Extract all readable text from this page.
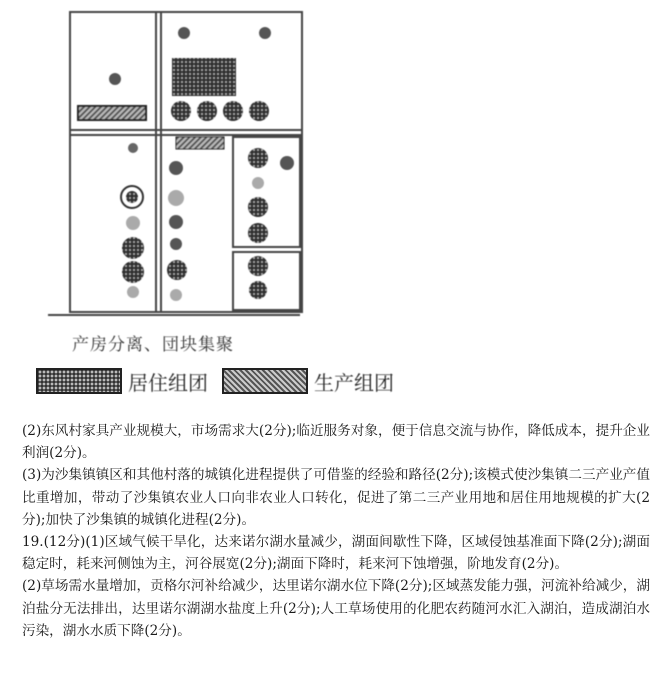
产房分离、団块集聚
居住组团	生产组团

(2)东风村家具产业规模大，市场需求大(2分);临近服务对象，便于信息交流与协作，降低成本，提升企业利润(2分)。

(3)为沙集镇镇区和其他村落的城镇化进程提供了可借鉴的经验和路径(2分);该模式使沙集镇二三产业产值比重增加，带动了沙集镇农业人口向非农业人口转化，促进了第二三产业用地和居住用地规模的扩大(2分);加快了沙集镇的城镇化进程(2分)。

19.(12分)(1)区域气候干旱化，达来诺尔湖水量减少，湖面间歇性下降，区域侵蚀基准面下降(2分);湖面稳定时，耗来河侧蚀为主，河谷展宽(2分);湖面下降时，耗来河下蚀增强，阶地发育(2分)。

(2)草场需水量增加，贡格尔河补给减少，达里诺尔湖水位下降(2分);区域蒸发能力强，河流补给减少，湖泊盐分无法排出，达里诺尔湖湖水盐度上升(2分);人工草场使用的化肥农药随河水汇入湖泊，造成湖泊水污染，湖水水质下降(2分)。
